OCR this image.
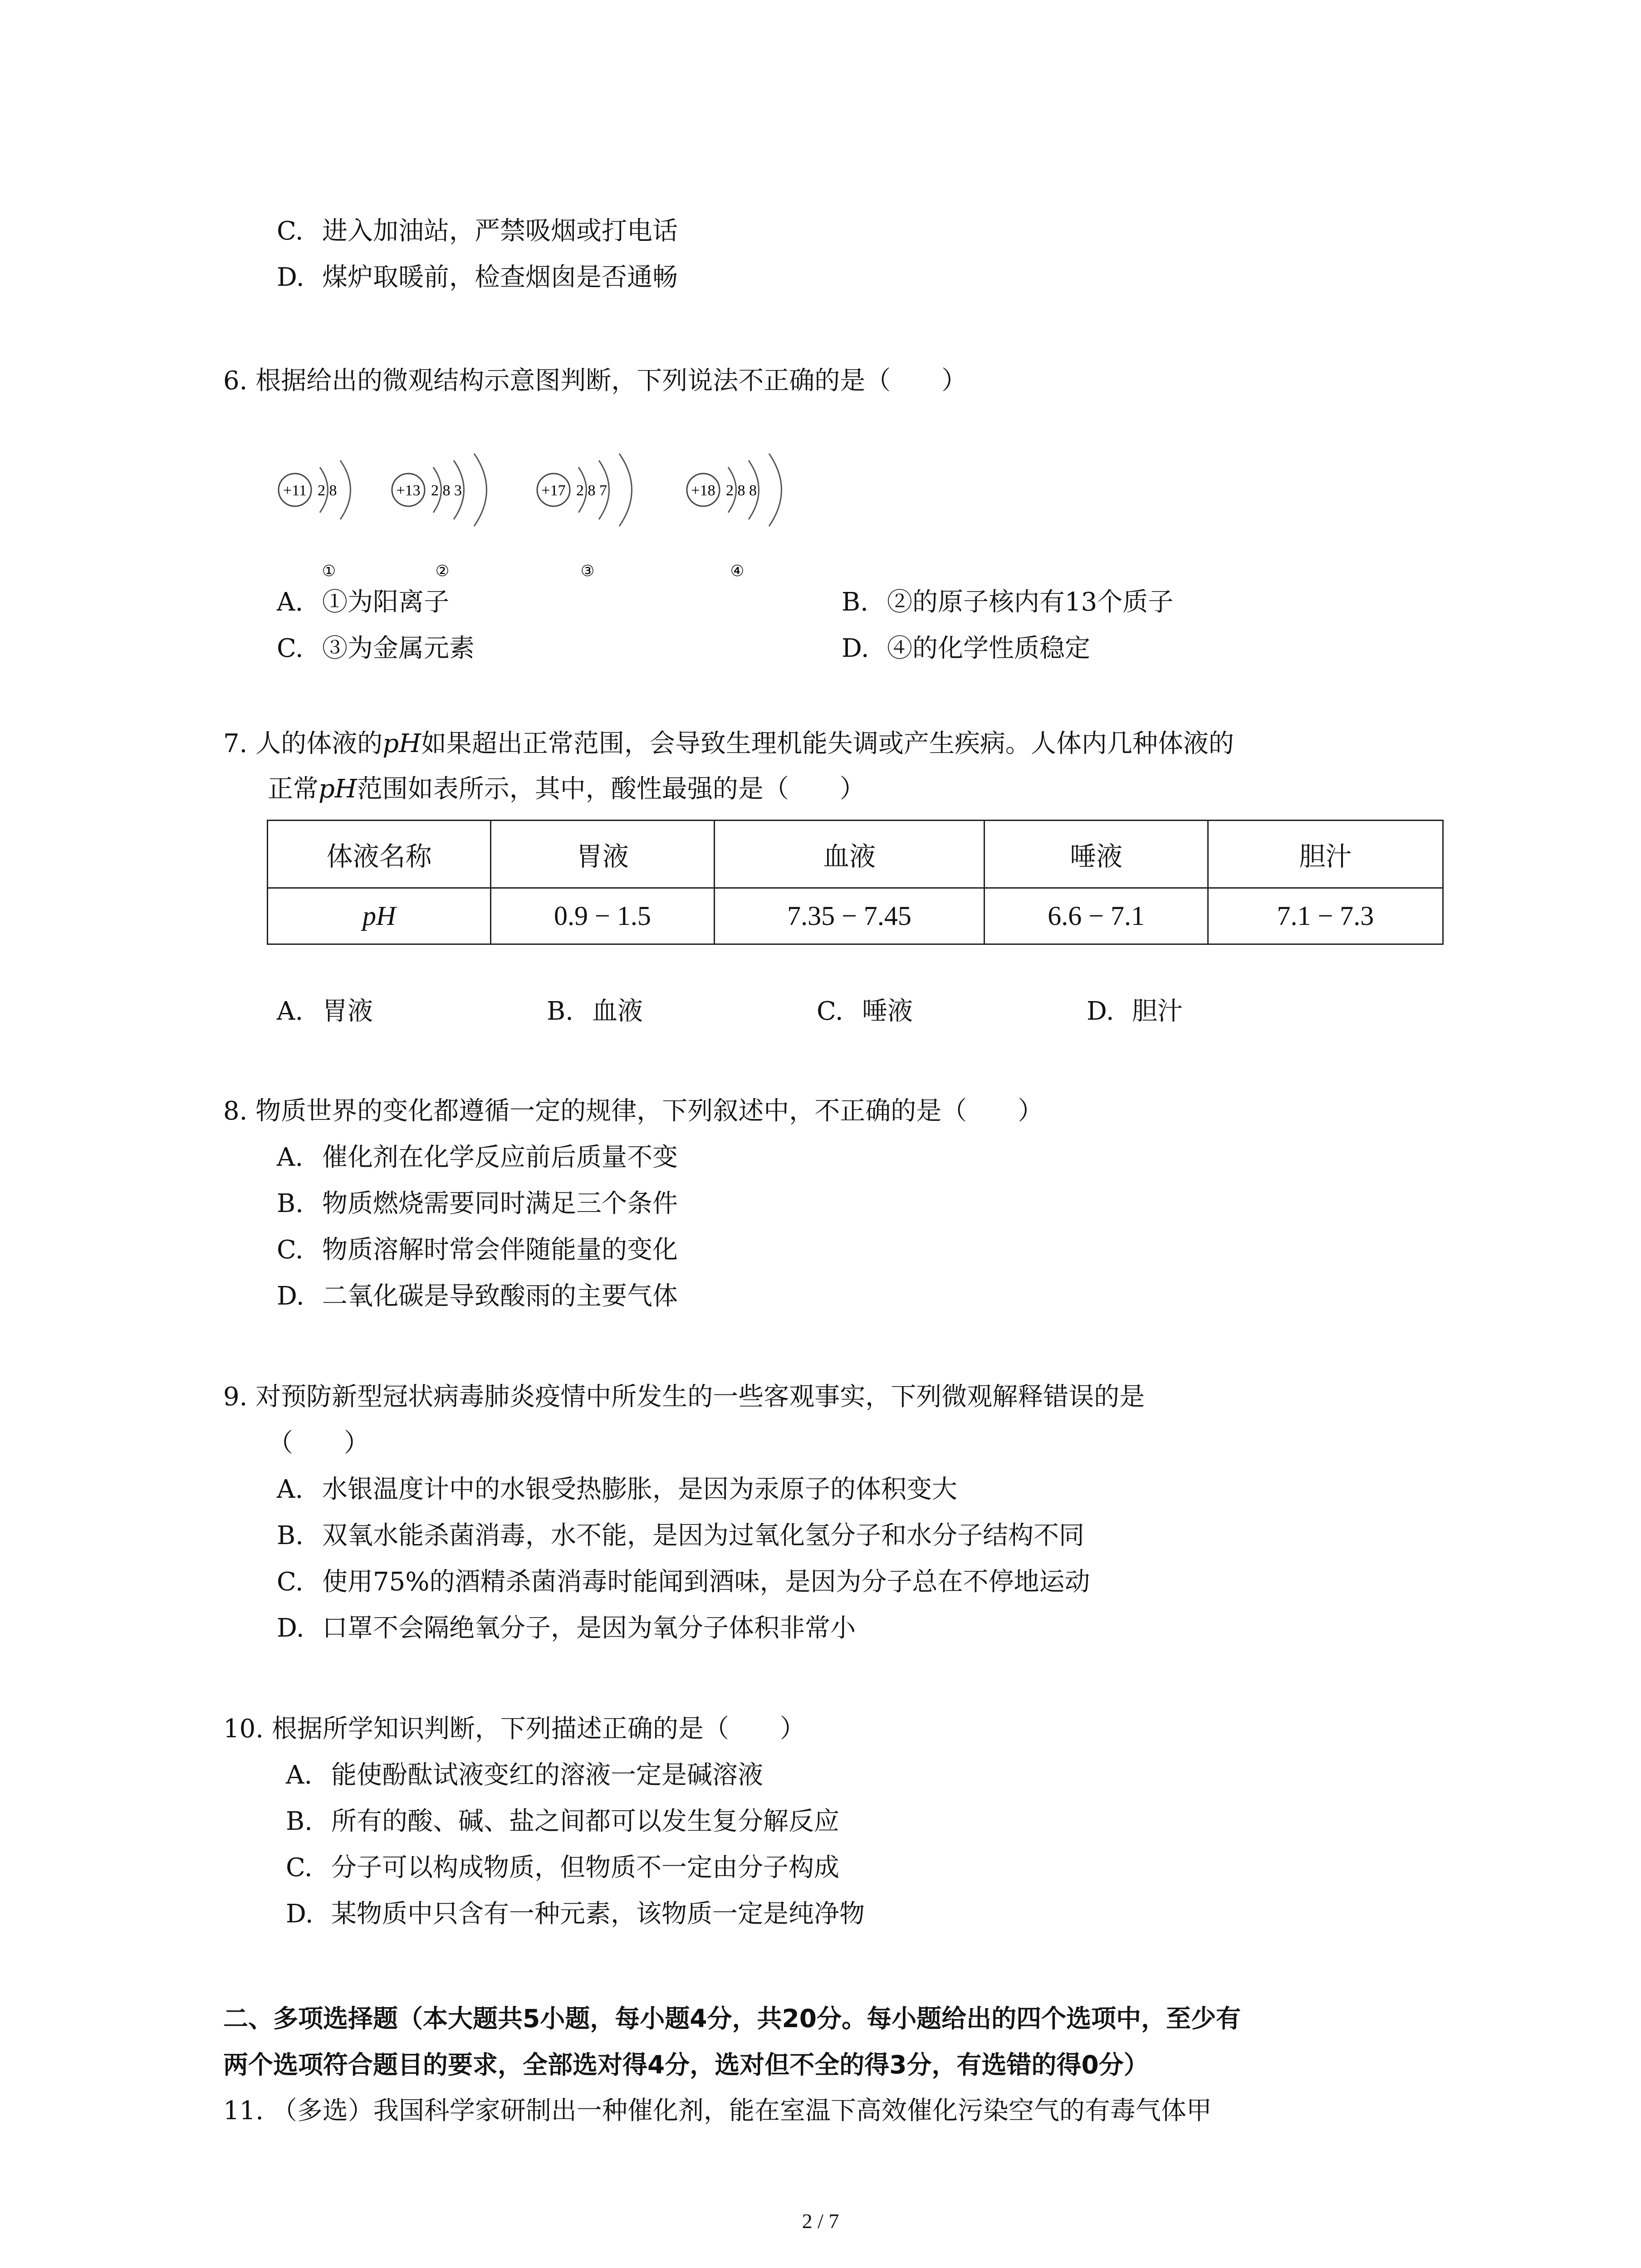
C. 进入加油站，严禁吸烟或打电话
D. 煤炉取暖前，检查烟囱是否通畅
6. 根据给出的微观结构示意图判断，下列说法不正确的是（　　）
+11 2 8
①
+13 2 8 3
②
+17 2 8 7
③
+18 2 8 8
④
A. ①为阳离子	B. ②的原子核内有13个质子
C. ③为金属元素	D. ④的化学性质稳定
7. 人的体液的pH如果超出正常范围，会导致生理机能失调或产生疾病。人体内几种体液的
正常pH范围如表所示，其中，酸性最强的是（　　）
体液名称	胃液	血液	唾液	胆汁
pH	0.9 − 1.5	7.35 − 7.45	6.6 − 7.1	7.1 − 7.3
A. 胃液	B. 血液	C. 唾液	D. 胆汁
8. 物质世界的变化都遵循一定的规律，下列叙述中，不正确的是（　　）
A. 催化剂在化学反应前后质量不变
B. 物质燃烧需要同时满足三个条件
C. 物质溶解时常会伴随能量的变化
D. 二氧化碳是导致酸雨的主要气体
9. 对预防新型冠状病毒肺炎疫情中所发生的一些客观事实，下列微观解释错误的是
（　　）
A. 水银温度计中的水银受热膨胀，是因为汞原子的体积变大
B. 双氧水能杀菌消毒，水不能，是因为过氧化氢分子和水分子结构不同
C. 使用75%的酒精杀菌消毒时能闻到酒味，是因为分子总在不停地运动
D. 口罩不会隔绝氧分子，是因为氧分子体积非常小
10. 根据所学知识判断，下列描述正确的是（　　）
A. 能使酚酞试液变红的溶液一定是碱溶液
B. 所有的酸、碱、盐之间都可以发生复分解反应
C. 分子可以构成物质，但物质不一定由分子构成
D. 某物质中只含有一种元素，该物质一定是纯净物
二、多项选择题（本大题共5小题，每小题4分，共20分。每小题给出的四个选项中，至少有
两个选项符合题目的要求，全部选对得4分，选对但不全的得3分，有选错的得0分）
11. （多选）我国科学家研制出一种催化剂，能在室温下高效催化污染空气的有毒气体甲
2 / 7
